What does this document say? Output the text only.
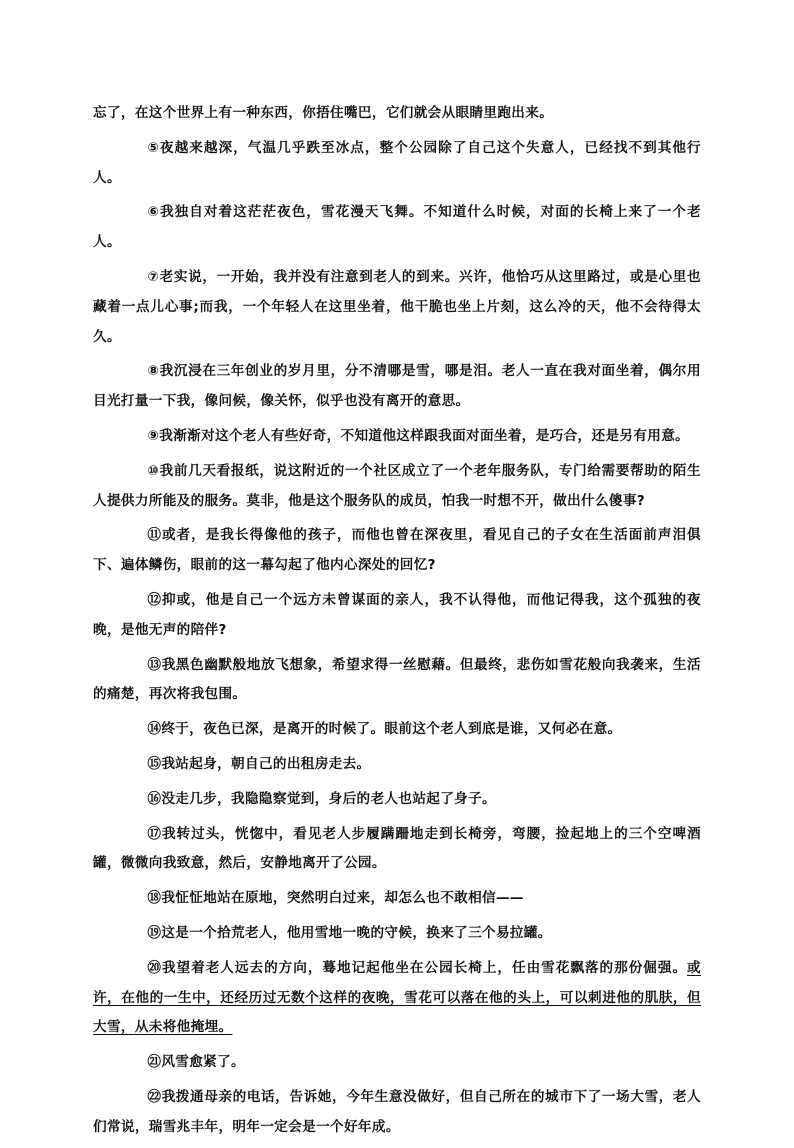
忘了，在这个世界上有一种东西，你捂住嘴巴，它们就会从眼睛里跑出来。

⑤夜越来越深，气温几乎跌至冰点，整个公园除了自己这个失意人，已经找不到其他行人。

⑥我独自对着这茫茫夜色，雪花漫天飞舞。不知道什么时候，对面的长椅上来了一个老人。

⑦老实说，一开始，我并没有注意到老人的到来。兴许，他恰巧从这里路过，或是心里也藏着一点儿心事;而我，一个年轻人在这里坐着，他干脆也坐上片刻，这么冷的天，他不会待得太久。

⑧我沉浸在三年创业的岁月里，分不清哪是雪，哪是泪。老人一直在我对面坐着，偶尔用目光打量一下我，像问候，像关怀，似乎也没有离开的意思。

⑨我渐渐对这个老人有些好奇，不知道他这样跟我面对面坐着，是巧合，还是另有用意。

⑩我前几天看报纸，说这附近的一个社区成立了一个老年服务队，专门给需要帮助的陌生人提供力所能及的服务。莫非，他是这个服务队的成员，怕我一时想不开，做出什么傻事?

⑪或者，是我长得像他的孩子，而他也曾在深夜里，看见自己的子女在生活面前声泪俱下、遍体鳞伤，眼前的这一幕勾起了他内心深处的回忆?

⑫抑或，他是自己一个远方未曾谋面的亲人，我不认得他，而他记得我，这个孤独的夜晚，是他无声的陪伴?

⑬我黑色幽默般地放飞想象，希望求得一丝慰藉。但最终，悲伤如雪花般向我袭来，生活的痛楚，再次将我包围。

⑭终于，夜色已深，是离开的时候了。眼前这个老人到底是谁，又何必在意。

⑮我站起身，朝自己的出租房走去。

⑯没走几步，我隐隐察觉到，身后的老人也站起了身子。

⑰我转过头，恍惚中，看见老人步履蹒跚地走到长椅旁，弯腰，捡起地上的三个空啤酒罐，微微向我致意，然后，安静地离开了公园。

⑱我怔怔地站在原地，突然明白过来，却怎么也不敢相信——

⑲这是一个拾荒老人，他用雪地一晚的守候，换来了三个易拉罐。

⑳我望着老人远去的方向，蓦地记起他坐在公园长椅上，任由雪花飘落的那份倔强。或许，在他的一生中，还经历过无数个这样的夜晚，雪花可以落在他的头上，可以刺进他的肌肤，但大雪，从未将他掩埋。

㉑风雪愈紧了。

㉒我拨通母亲的电话，告诉她，今年生意没做好，但自己所在的城市下了一场大雪，老人们常说，瑞雪兆丰年，明年一定会是一个好年成。
